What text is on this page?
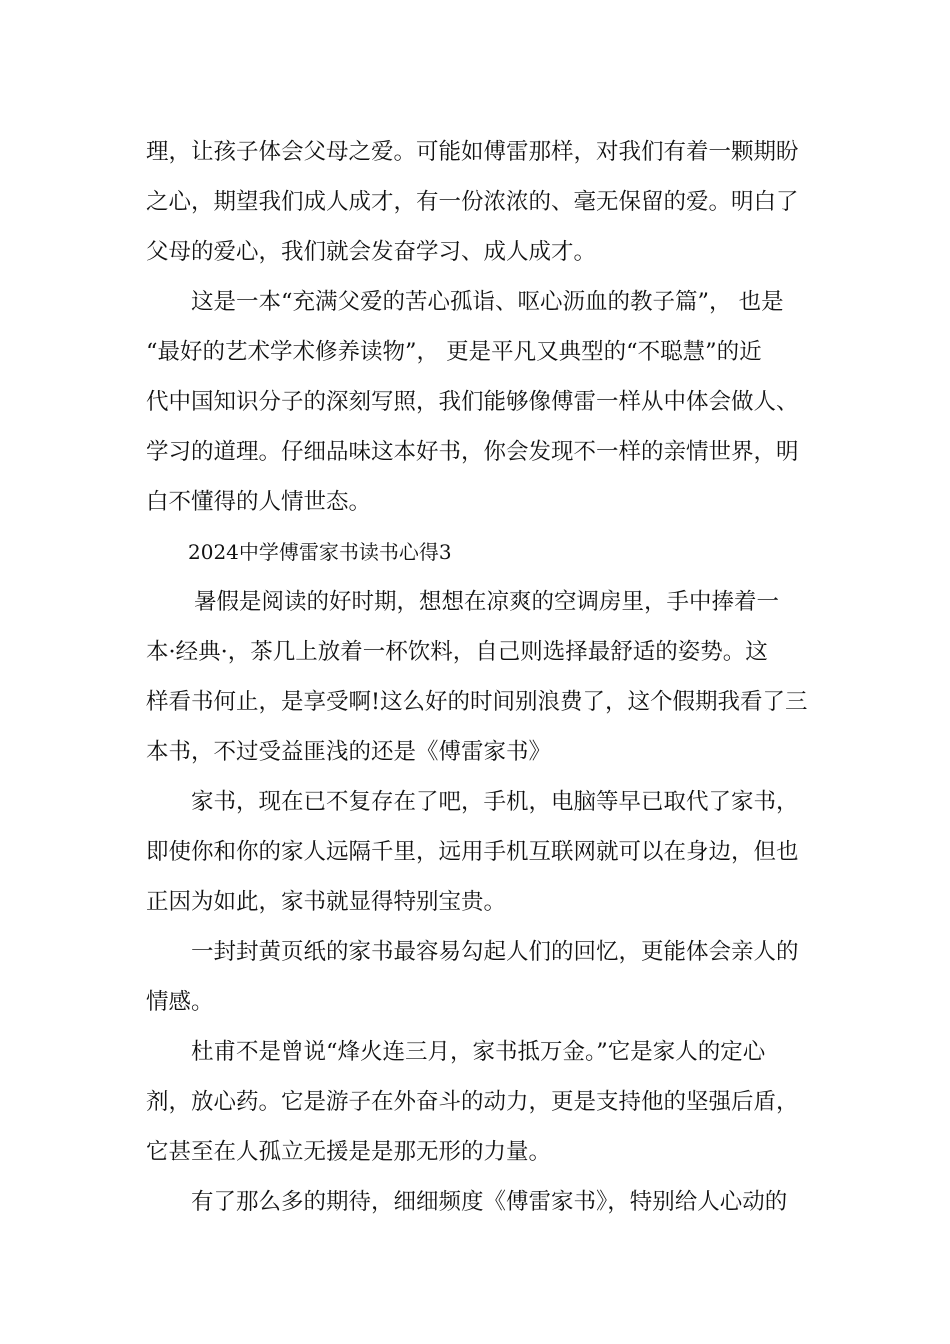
理，让孩子体会父母之爱。可能如傅雷那样，对我们有着一颗期盼
之心，期望我们成人成才，有一份浓浓的、毫无保留的爱。明白了
父母的爱心，我们就会发奋学习、成人成才。
这是一本“充满父爱的苦心孤诣、呕心沥血的教子篇”， 也是
“最好的艺术学术修养读物”， 更是平凡又典型的“不聪慧”的近
代中国知识分子的深刻写照，我们能够像傅雷一样从中体会做人、
学习的道理。仔细品味这本好书，你会发现不一样的亲情世界，明
白不懂得的人情世态。
2024中学傅雷家书读书心得3
暑假是阅读的好时期，想想在凉爽的空调房里，手中捧着一
本·经典·，茶几上放着一杯饮料，自己则选择最舒适的姿势。这
样看书何止，是享受啊!这么好的时间别浪费了，这个假期我看了三
本书，不过受益匪浅的还是《傅雷家书》
家书，现在已不复存在了吧，手机，电脑等早已取代了家书，
即使你和你的家人远隔千里，远用手机互联网就可以在身边，但也
正因为如此，家书就显得特别宝贵。
一封封黄页纸的家书最容易勾起人们的回忆，更能体会亲人的
情感。
杜甫不是曾说“烽火连三月，家书抵万金。”它是家人的定心
剂，放心药。它是游子在外奋斗的动力，更是支持他的坚强后盾，
它甚至在人孤立无援是是那无形的力量。
有了那么多的期待，细细频度《傅雷家书》，特别给人心动的
